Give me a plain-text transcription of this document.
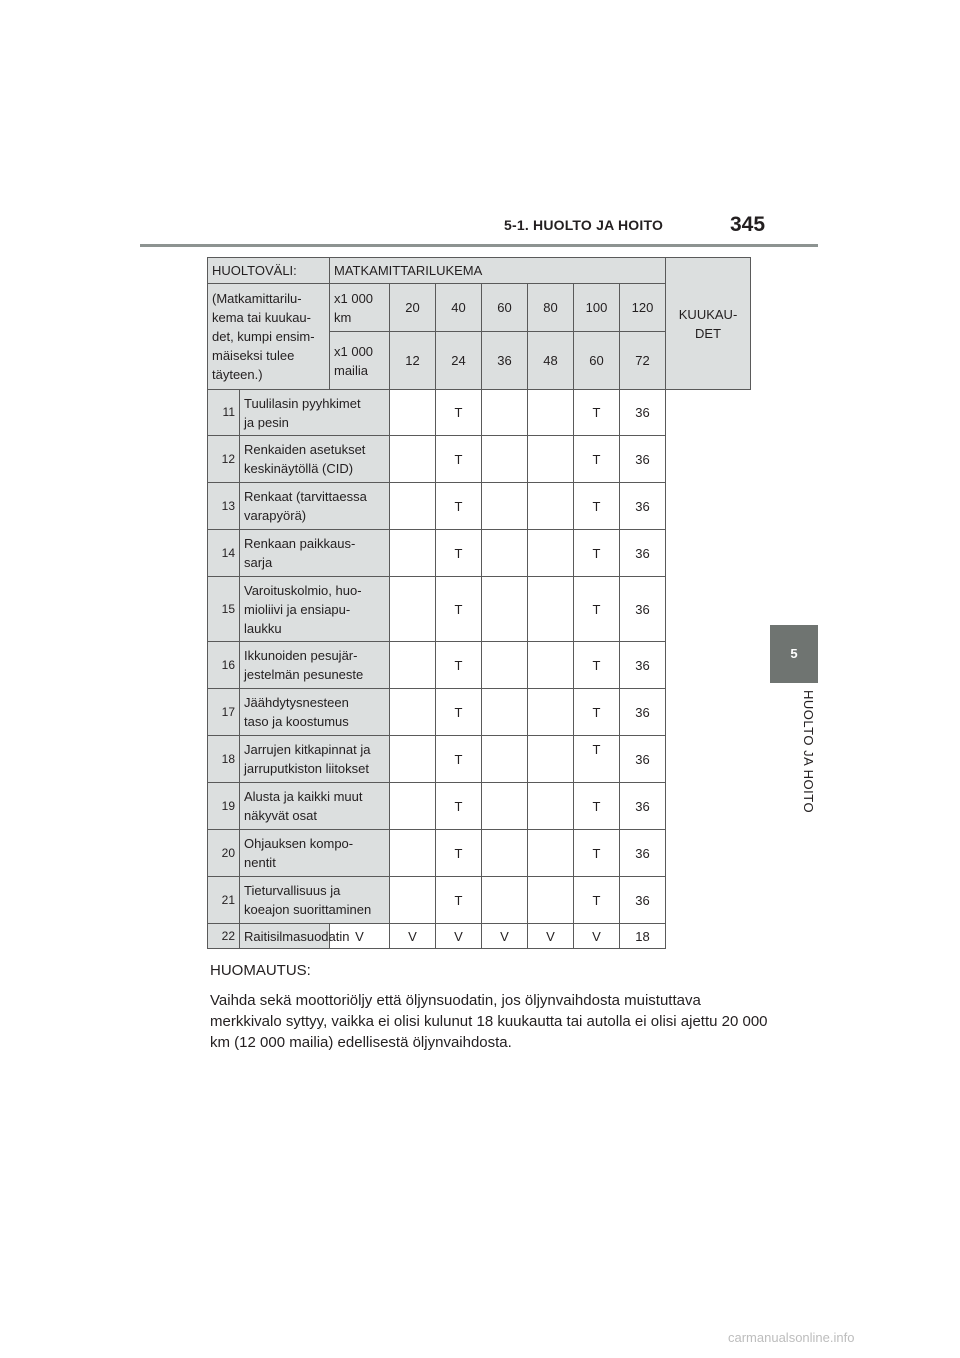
5-1. HUOLTO JA HOITO	345
5
HUOLTO JA HOITO
HUOLTOVÄLI:		MATKAMITTARILUKEMA							KUUKAU-
DET
(Matkamittarilu-
kema tai kuukau-
det, kumpi ensim-
mäiseksi tulee
täyteen.)		x1 000
km	20	40	60	80	100	120	
		x1 000
mailia	12	24	36	48	60	72	
11	Tuulilasin pyyhkimet
ja pesin			T			T	36	
12	Renkaiden asetukset
keskinäytöllä (CID)			T			T	36	
13	Renkaat (tarvittaessa
varapyörä)			T			T	36	
14	Renkaan paikkaus-
sarja			T			T	36	
15	Varoituskolmio, huo-
mioliivi ja ensiapu-
laukku			T			T	36	
16	Ikkunoiden pesujär-
jestelmän pesuneste			T			T	36	
17	Jäähdytysnesteen
taso ja koostumus			T			T	36	
18	Jarrujen kitkapinnat ja
jarruputkiston liitokset			T			T	36	
19	Alusta ja kaikki muut
näkyvät osat			T			T	36	
20	Ohjauksen kompo-
nentit			T			T	36	
21	Tieturvallisuus ja
koeajon suorittaminen			T			T	36	
22	Raitisilmasuodatin	V	V	V	V	V	V	18	

HUOMAUTUS:

Vaihda sekä moottoriöljy että öljynsuodatin, jos öljynvaihdosta muistuttava merkkivalo syttyy, vaikka ei olisi kulunut 18 kuukautta tai autolla ei olisi ajettu 20 000 km (12 000 mailia) edellisestä öljynvaihdosta.

carmanualsonline.info
